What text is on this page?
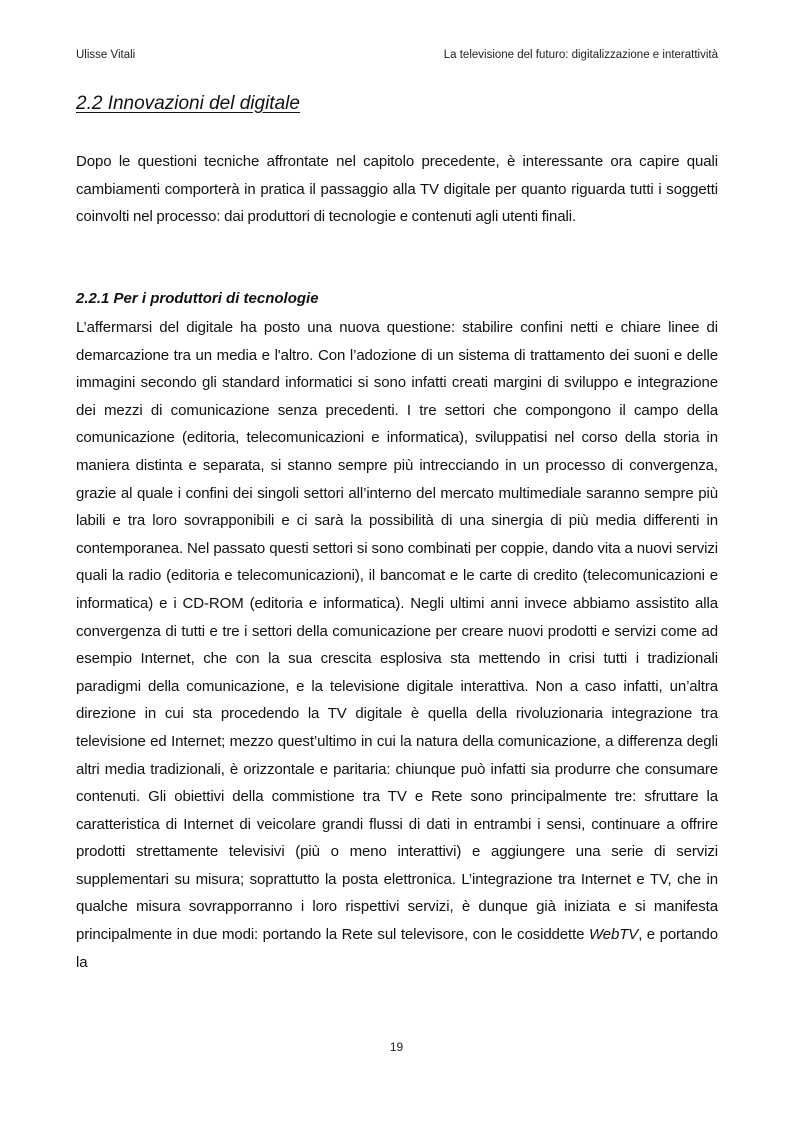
Ulisse Vitali	La televisione del futuro: digitalizzazione e interattività
2.2 Innovazioni del digitale

Dopo le questioni tecniche affrontate nel capitolo precedente, è interessante ora capire quali cambiamenti comporterà in pratica il passaggio alla TV digitale per quanto riguarda tutti i soggetti coinvolti nel processo: dai produttori di tecnologie e contenuti agli utenti finali.

2.2.1 Per i produttori di tecnologie

L’affermarsi del digitale ha posto una nuova questione: stabilire confini netti e chiare linee di demarcazione tra un media e l'altro. Con l’adozione di un sistema di trattamento dei suoni e delle immagini secondo gli standard informatici si sono infatti creati margini di sviluppo e integrazione dei mezzi di comunicazione senza precedenti. I tre settori che compongono il campo della comunicazione (editoria, telecomunicazioni e informatica), sviluppatisi nel corso della storia in maniera distinta e separata, si stanno sempre più intrecciando in un processo di convergenza, grazie al quale i confini dei singoli settori all’interno del mercato multimediale saranno sempre più labili e tra loro sovrapponibili e ci sarà la possibilità di una sinergia di più media differenti in contemporanea. Nel passato questi settori si sono combinati per coppie, dando vita a nuovi servizi quali la radio (editoria e telecomunicazioni), il bancomat e le carte di credito (telecomunicazioni e informatica) e i CD-ROM (editoria e informatica). Negli ultimi anni invece abbiamo assistito alla convergenza di tutti e tre i settori della comunicazione per creare nuovi prodotti e servizi come ad esempio Internet, che con la sua crescita esplosiva sta mettendo in crisi tutti i tradizionali paradigmi della comunicazione, e la televisione digitale interattiva. Non a caso infatti, un’altra direzione in cui sta procedendo la TV digitale è quella della rivoluzionaria integrazione tra televisione ed Internet; mezzo quest’ultimo in cui la natura della comunicazione, a differenza degli altri media tradizionali, è orizzontale e paritaria: chiunque può infatti sia produrre che consumare contenuti. Gli obiettivi della commistione tra TV e Rete sono principalmente tre: sfruttare la caratteristica di Internet di veicolare grandi flussi di dati in entrambi i sensi, continuare a offrire prodotti strettamente televisivi (più o meno interattivi) e aggiungere una serie di servizi supplementari su misura; soprattutto la posta elettronica. L’integrazione tra Internet e TV, che in qualche misura sovrapporranno i loro rispettivi servizi, è dunque già iniziata e si manifesta principalmente in due modi: portando la Rete sul televisore, con le cosiddette WebTV, e portando la

19
